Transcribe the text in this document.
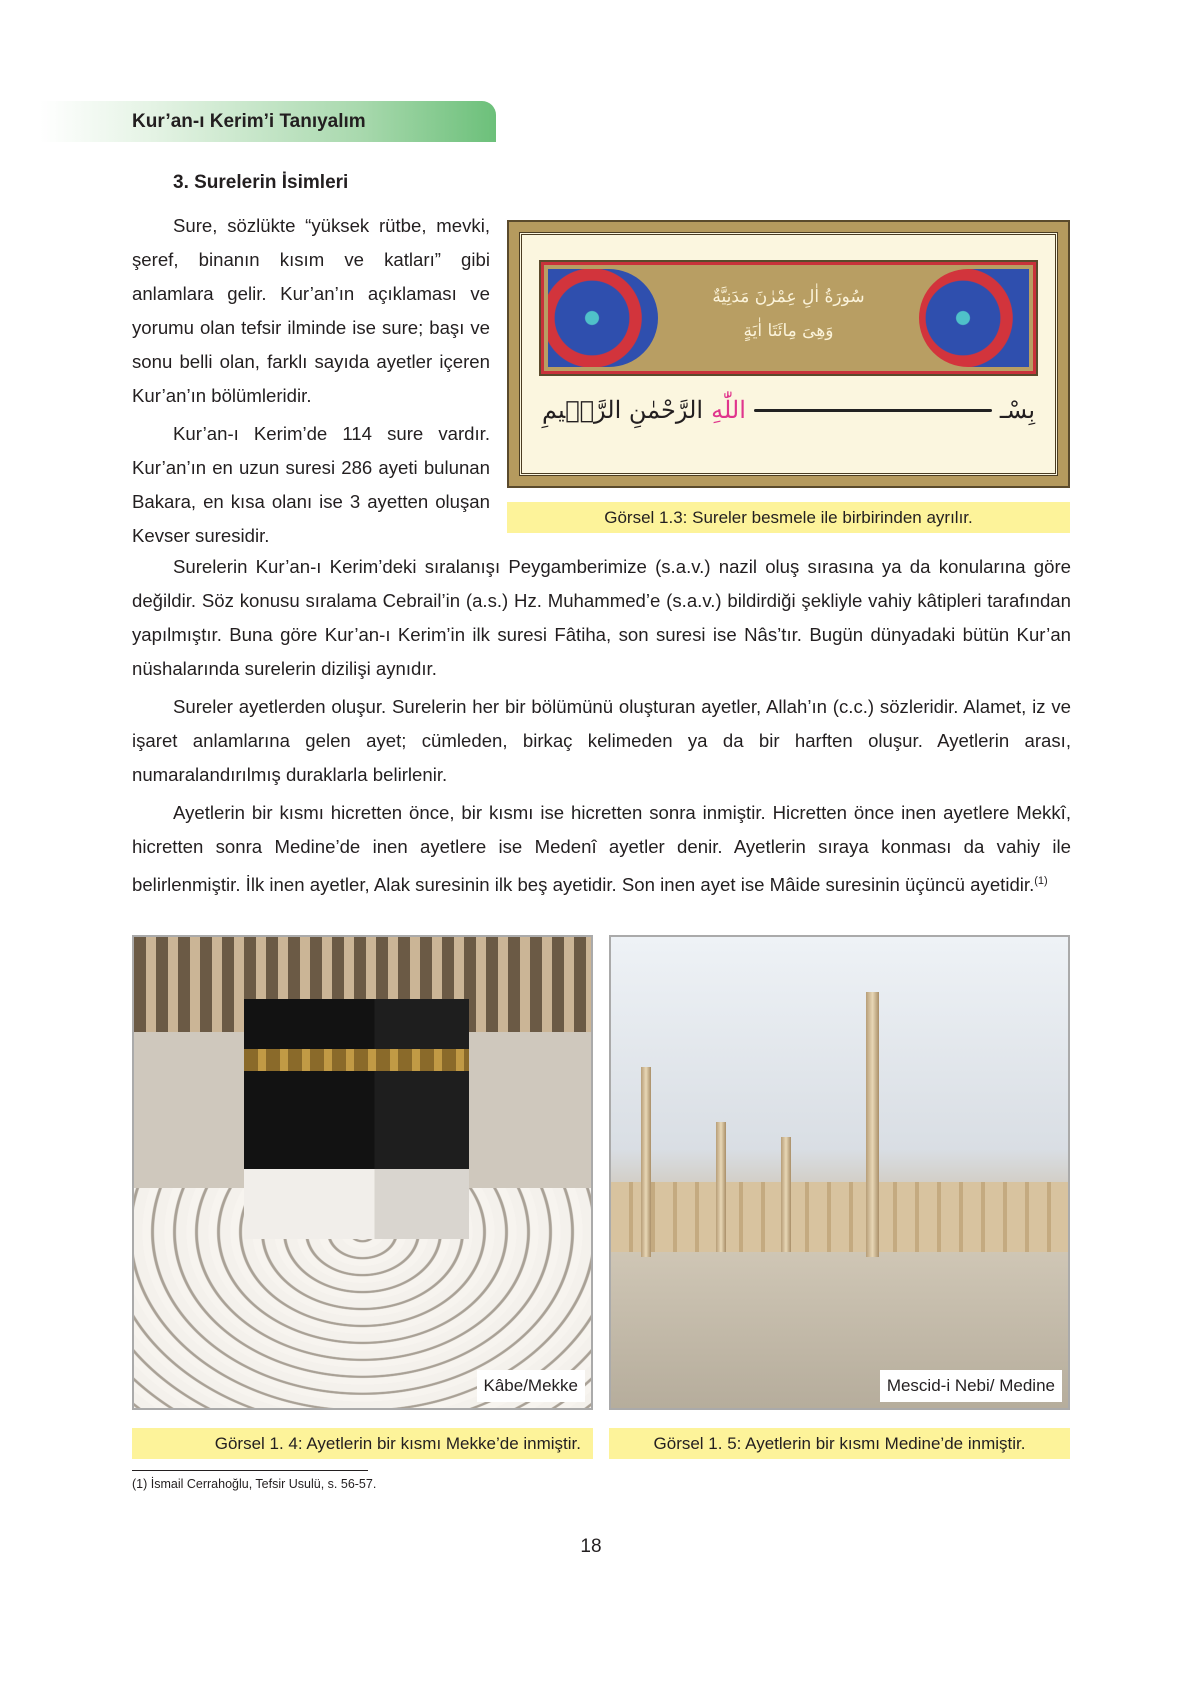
Kur’an-ı Kerim’i Tanıyalım
3. Surelerin İsimleri

Sure, sözlükte “yüksek rütbe, mevki, şeref, binanın kısım ve katları” gibi anlamlara gelir. Kur’an’ın açıklaması ve yorumu olan tefsir ilminde ise sure; başı ve sonu belli olan, farklı sayıda ayetler içeren Kur’an’ın bölümleridir.

Kur’an-ı Kerim’de 114 sure vardır. Kur’an’ın en uzun suresi 286 ayeti bulunan Bakara, en kısa olanı ise 3 ayetten oluşan Kevser suresidir.

سُورَةُ اٰلِ عِمْرٰنَ مَدَنِيَّةٌ
وَهِىَ مِائَتَا اٰيَةٍ
بِسْـ
اللّٰهِ
الرَّحْمٰنِ الرَّح۪يمِ
Görsel 1.3: Sureler besmele ile birbirinden ayrılır.
Surelerin Kur’an-ı Kerim’deki sıralanışı Peygamberimize (s.a.v.) nazil oluş sırasına ya da konularına göre değildir. Söz konusu sıralama Cebrail’in (a.s.) Hz. Muhammed’e (s.a.v.) bildirdiği şekliyle vahiy kâtipleri tarafından yapılmıştır. Buna göre Kur’an-ı Kerim’in ilk suresi Fâtiha, son suresi ise Nâs’tır. Bugün dünyadaki bütün Kur’an nüshalarında surelerin dizilişi aynıdır.
Sureler ayetlerden oluşur. Surelerin her bir bölümünü oluşturan ayetler, Allah’ın (c.c.) sözleridir. Alamet, iz ve işaret anlamlarına gelen ayet; cümleden, birkaç kelimeden ya da bir harften oluşur. Ayetlerin arası, numaralandırılmış duraklarla belirlenir.
Ayetlerin bir kısmı hicretten önce, bir kısmı ise hicretten sonra inmiştir. Hicretten önce inen ayetlere Mekkî, hicretten sonra Medine’de inen ayetlere ise Medenî ayetler denir. Ayetlerin sıraya konması da vahiy ile belirlenmiştir. İlk inen ayetler, Alak suresinin ilk beş ayetidir. Son inen ayet ise Mâide suresinin üçüncü ayetidir.$^{(1)}$
Kâbe/Mekke	Mescid-i Nebi/ Medine
Görsel 1. 4: Ayetlerin bir kısmı Mekke’de inmiştir.	Görsel 1. 5: Ayetlerin bir kısmı Medine’de inmiştir.
(1) İsmail Cerrahoğlu, Tefsir Usulü, s. 56-57.
18
